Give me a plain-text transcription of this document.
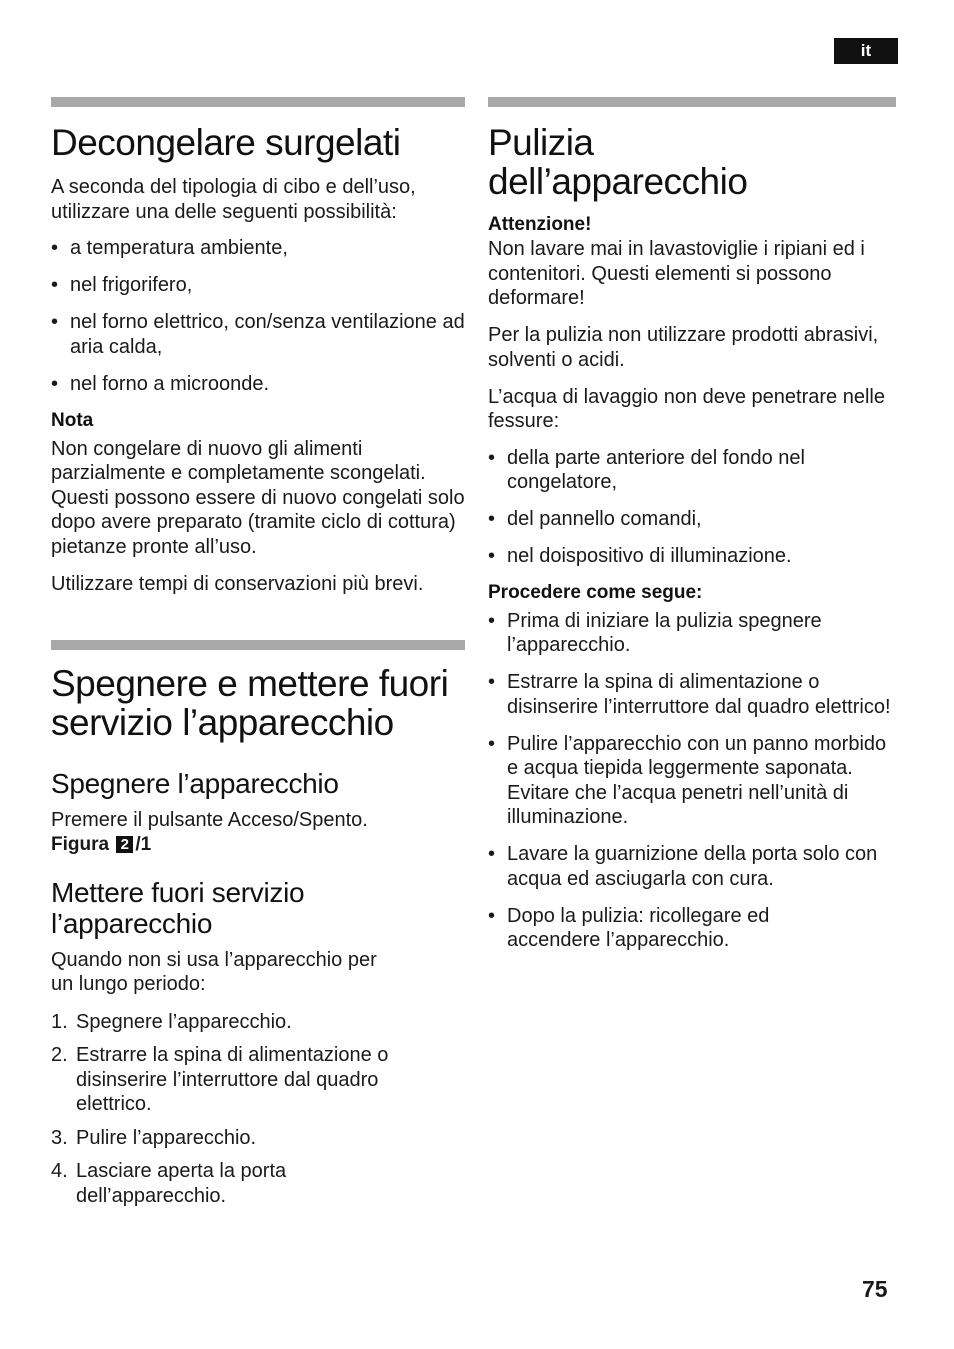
it
Decongelare surgelati

A seconda del tipologia di cibo e dell’uso, utilizzare una delle seguenti possibilità:

• a temperatura ambiente,
• nel frigorifero,
• nel forno elettrico, con/senza ventilazione ad aria calda,
• nel forno a microonde.
Nota

Non congelare di nuovo gli alimenti parzialmente e completamente scongelati. Questi possono essere di nuovo congelati solo dopo avere preparato (tramite ciclo di cottura) pietanze pronte all’uso.

Utilizzare tempi di conservazioni più brevi.

Spegnere e mettere fuori servizio l’apparecchio
Spegnere l’apparecchio

Premere il pulsante Acceso/Spento.

Figura 2 /1
Mettere fuori servizio l’apparecchio

Quando non si usa l’apparecchio per un lungo periodo:

1. Spegnere l’apparecchio.
2. Estrarre la spina di alimentazione o disinserire l’interruttore dal quadro elettrico.
3. Pulire l’apparecchio.
4. Lasciare aperta la porta dell’apparecchio.
Pulizia dell’apparecchio
Attenzione!

Non lavare mai in lavastoviglie i ripiani ed i contenitori. Questi elementi si possono deformare!

Per la pulizia non utilizzare prodotti abrasivi, solventi o acidi.

L’acqua di lavaggio non deve penetrare nelle fessure:

• della parte anteriore del fondo nel congelatore,
• del pannello comandi,
• nel doispositivo di illuminazione.
Procedere come segue:
• Prima di iniziare la pulizia spegnere l’apparecchio.
• Estrarre la spina di alimentazione o disinserire l’interruttore dal quadro elettrico!
• Pulire l’apparecchio con un panno morbido e acqua tiepida leggermente saponata. Evitare che l’acqua penetri nell’unità di illuminazione.
• Lavare la guarnizione della porta solo con acqua ed asciugarla con cura.
• Dopo la pulizia: ricollegare ed accendere l’apparecchio.
75
